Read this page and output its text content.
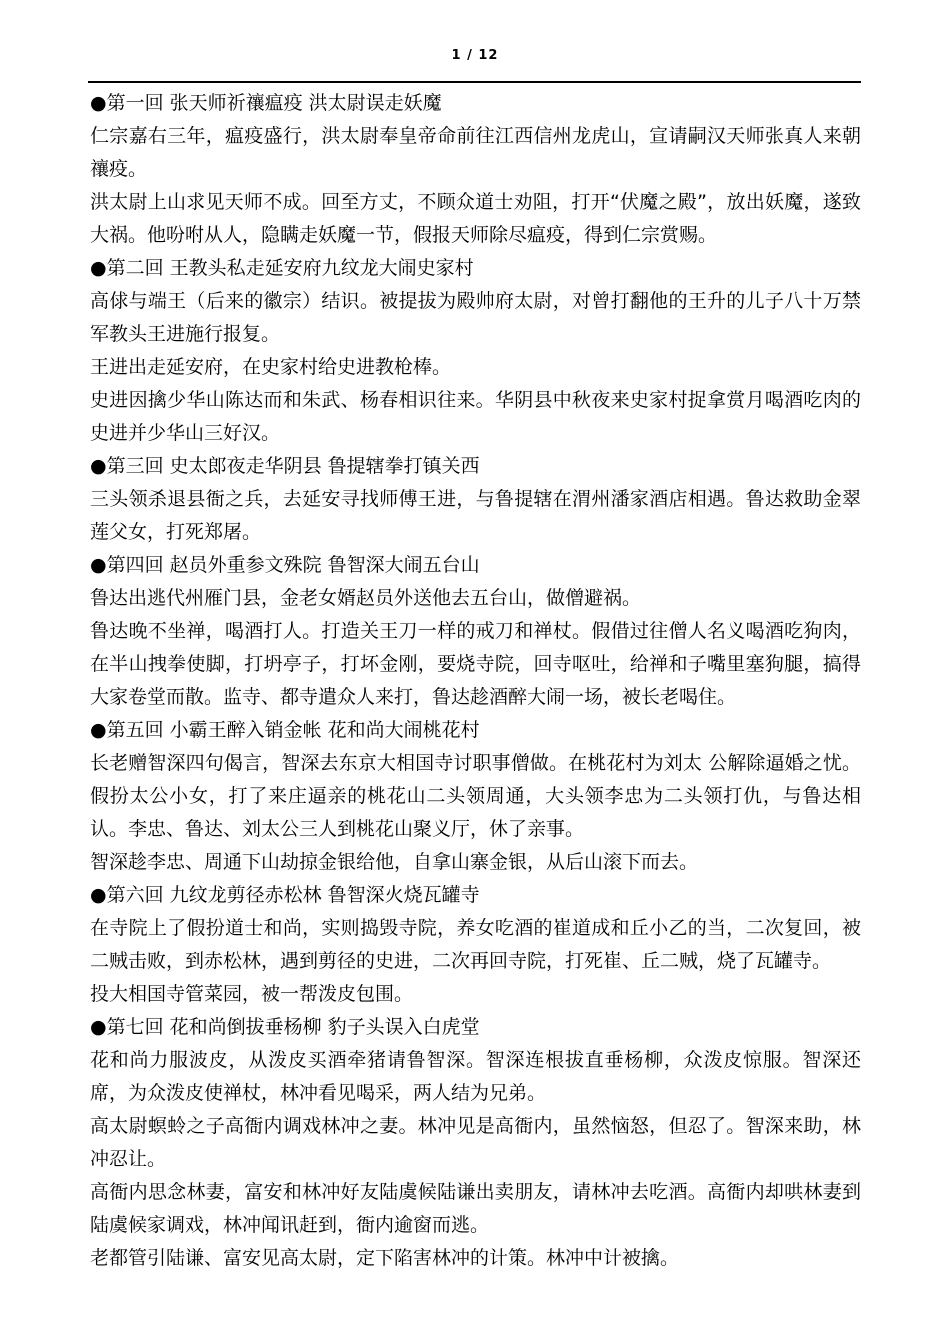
1 / 12

●第一回 张天师祈禳瘟疫 洪太尉误走妖魔

仁宗嘉右三年，瘟疫盛行，洪太尉奉皇帝命前往江西信州龙虎山，宣请嗣汉天师张真人来朝禳疫。

洪太尉上山求见天师不成。回至方丈，不顾众道士劝阻，打开“伏魔之殿”，放出妖魔，遂致大祸。他吩咐从人，隐瞒走妖魔一节，假报天师除尽瘟疫，得到仁宗赏赐。

●第二回 王教头私走延安府九纹龙大闹史家村

高俅与端王（后来的徽宗）结识。被提拔为殿帅府太尉，对曾打翻他的王升的儿子八十万禁军教头王进施行报复。

王进出走延安府，在史家村给史进教枪棒。

史进因擒少华山陈达而和朱武、杨春相识往来。华阴县中秋夜来史家村捉拿赏月喝酒吃肉的史进并少华山三好汉。

●第三回 史太郎夜走华阴县 鲁提辖拳打镇关西

三头领杀退县衙之兵，去延安寻找师傅王进，与鲁提辖在渭州潘家酒店相遇。鲁达救助金翠莲父女，打死郑屠。

●第四回 赵员外重参文殊院 鲁智深大闹五台山

鲁达出逃代州雁门县，金老女婿赵员外送他去五台山，做僧避祸。

鲁达晚不坐禅，喝酒打人。打造关王刀一样的戒刀和禅杖。假借过往僧人名义喝酒吃狗肉，在半山拽拳使脚，打坍亭子，打坏金刚，要烧寺院，回寺呕吐，给禅和子嘴里塞狗腿，搞得大家卷堂而散。监寺、都寺遣众人来打，鲁达趁酒醉大闹一场，被长老喝住。

●第五回 小霸王醉入销金帐 花和尚大闹桃花村

长老赠智深四句偈言，智深去东京大相国寺讨职事僧做。在桃花村为刘太 公解除逼婚之忧。假扮太公小女，打了来庄逼亲的桃花山二头领周通，大头领李忠为二头领打仇，与鲁达相认。李忠、鲁达、刘太公三人到桃花山聚义厅，休了亲事。

智深趁李忠、周通下山劫掠金银给他，自拿山寨金银，从后山滚下而去。

●第六回 九纹龙剪径赤松林 鲁智深火烧瓦罐寺

在寺院上了假扮道士和尚，实则捣毁寺院，养女吃酒的崔道成和丘小乙的当，二次复回，被二贼击败，到赤松林，遇到剪径的史进，二次再回寺院，打死崔、丘二贼，烧了瓦罐寺。

投大相国寺管菜园，被一帮泼皮包围。

●第七回 花和尚倒拔垂杨柳 豹子头误入白虎堂

花和尚力服波皮，从泼皮买酒牵猪请鲁智深。智深连根拔直垂杨柳，众泼皮惊服。智深还席，为众泼皮使禅杖，林冲看见喝采，两人结为兄弟。

高太尉螟蛉之子高衙内调戏林冲之妻。林冲见是高衙内，虽然恼怒，但忍了。智深来助，林冲忍让。

高衙内思念林妻，富安和林冲好友陆虞候陆谦出卖朋友，请林冲去吃酒。高衙内却哄林妻到陆虞候家调戏，林冲闻讯赶到，衙内逾窗而逃。

老都管引陆谦、富安见高太尉，定下陷害林冲的计策。林冲中计被擒。
